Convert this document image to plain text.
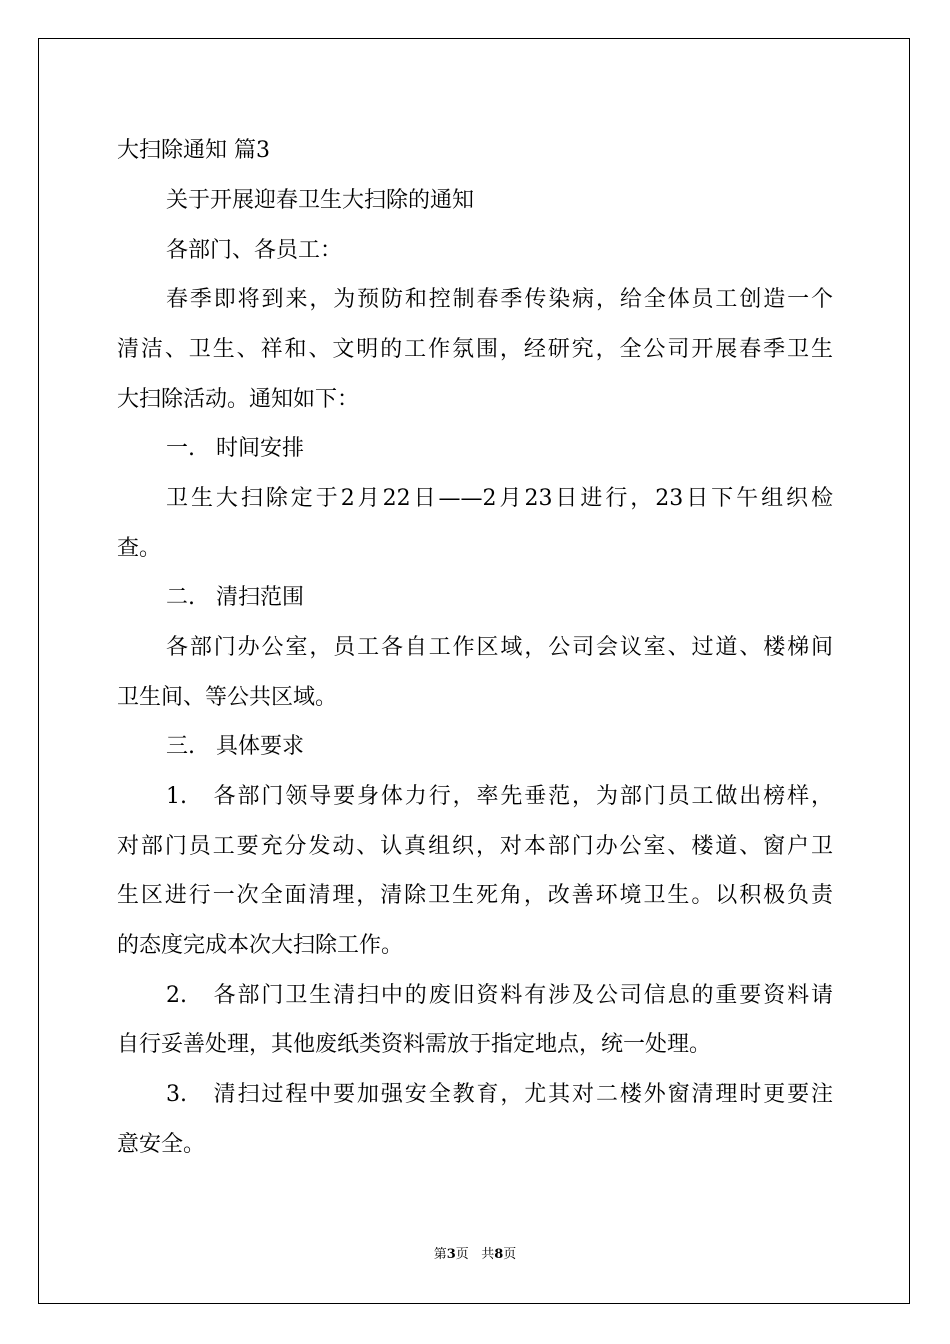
大扫除通知 篇3
关于开展迎春卫生大扫除的通知
各部门、各员工：
春季即将到来，为预防和控制春季传染病，给全体员工创造一个
清洁、卫生、祥和、文明的工作氛围，经研究，全公司开展春季卫生
大扫除活动。通知如下：
一.   时间安排
卫生大扫除定于2月22日——2月23日进行，23日下午组织检
查。
二.   清扫范围
各部门办公室，员工各自工作区域，公司会议室、过道、楼梯间
卫生间、等公共区域。
三.   具体要求
1.   各部门领导要身体力行，率先垂范，为部门员工做出榜样，
对部门员工要充分发动、认真组织，对本部门办公室、楼道、窗户卫
生区进行一次全面清理，清除卫生死角，改善环境卫生。以积极负责
的态度完成本次大扫除工作。
2.   各部门卫生清扫中的废旧资料有涉及公司信息的重要资料请
自行妥善处理，其他废纸类资料需放于指定地点，统一处理。
3.   清扫过程中要加强安全教育，尤其对二楼外窗清理时更要注
意安全。
第3页   共8页
